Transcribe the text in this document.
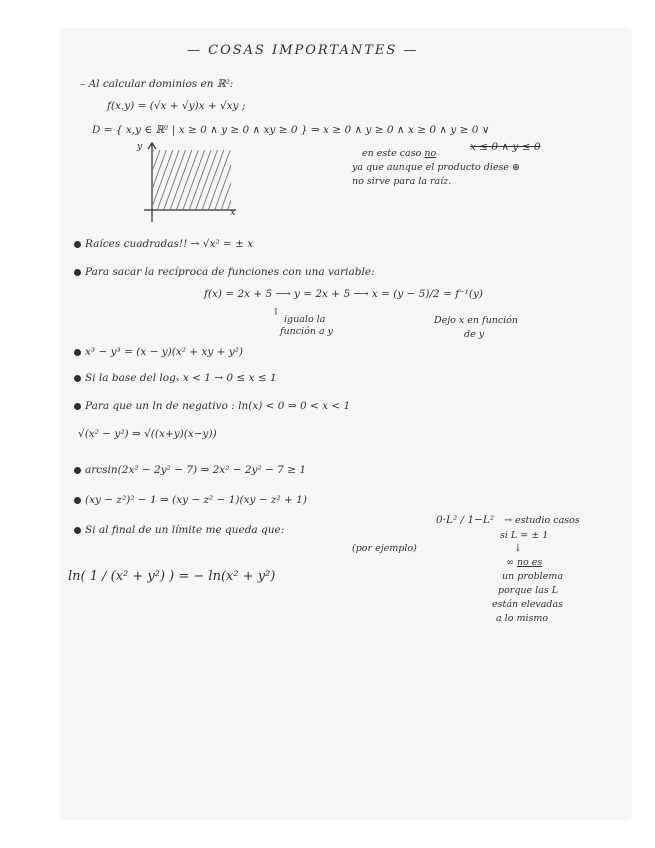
— COSAS IMPORTANTES —
– Al calcular dominios en ℝ²:
f(x,y) = (√x + √y)x + √xy ;
D = { x,y ∈ ℝ² | x ≥ 0 ∧ y ≥ 0 ∧ xy ≥ 0 } ⇒ x ≥ 0 ∧ y ≥ 0 ∧ x ≥ 0 ∧ y ≥ 0 ∨
x ≤ 0 ∧ y ≤ 0
en este caso no
ya que aunque el producto diese ⊕
no sirve para la raíz.
y
x
Raíces cuadradas!! → √x² = ± x
Para sacar la recíproca de funciones con una variable:
f(x) = 2x + 5 ⟶ y = 2x + 5 ⟶ x = (y − 5)/2 = f⁻¹(y)
↑
igualo la
función a y
Dejo x en función
de y
x³ − y³ = (x − y)(x² + xy + y²)
Si la base del logₓ x < 1 → 0 ≤ x ≤ 1
Para que un ln de negativo : ln(x) < 0 ⇒ 0 < x < 1
√(x² − y²) ⇒ √((x+y)(x−y))
arcsin(2x² − 2y² − 7) ⇒ 2x² − 2y² − 7 ≥ 1
(xy − z²)² − 1 ⇒ (xy − z² − 1)(xy − z² + 1)
Si al final de un límite me queda que:
(por ejemplo)
0·L² / 1−L² → estudio casos
si L = ± 1
↓
∞ no es
un problema
porque las L
están elevadas
a lo mismo
ln( 1 / (x² + y²) ) = − ln(x² + y²)
